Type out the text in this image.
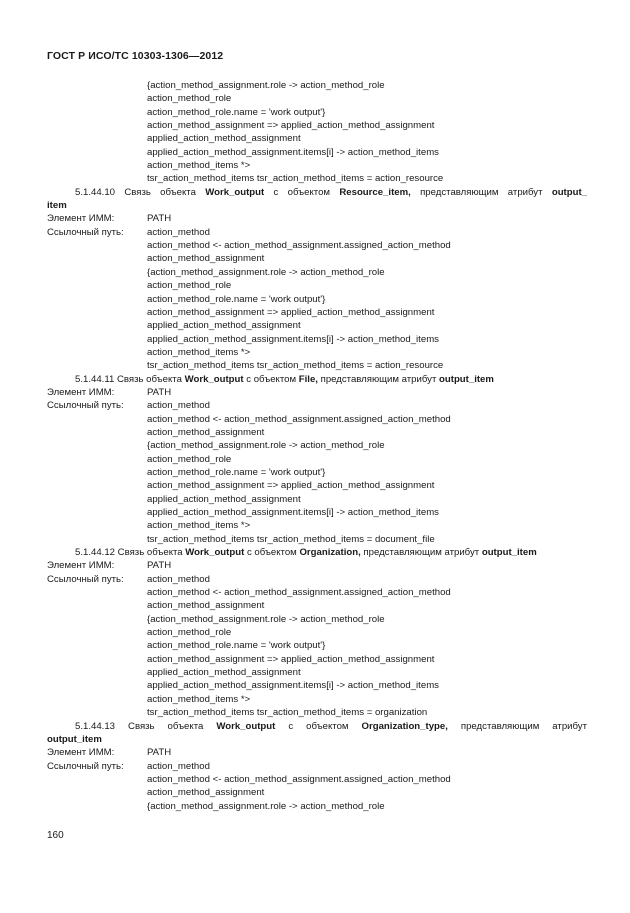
ГОСТ Р ИСО/ТС 10303-1306—2012
{action_method_assignment.role -> action_method_role
action_method_role
action_method_role.name = 'work output'}
action_method_assignment => applied_action_method_assignment
applied_action_method_assignment
applied_action_method_assignment.items[i] -> action_method_items
action_method_items *>
tsr_action_method_items tsr_action_method_items = action_resource
5.1.44.10 Связь объекта Work_output с объектом Resource_item, представляющим атрибут output_
item
Элемент ИММ:	PATH
Ссылочный путь:	action_method
action_method <- action_method_assignment.assigned_action_method
action_method_assignment
{action_method_assignment.role -> action_method_role
action_method_role
action_method_role.name = 'work output'}
action_method_assignment => applied_action_method_assignment
applied_action_method_assignment
applied_action_method_assignment.items[i] -> action_method_items
action_method_items *>
tsr_action_method_items tsr_action_method_items = action_resource
5.1.44.11 Связь объекта Work_output с объектом File, представляющим атрибут output_item
Элемент ИММ:	PATH
Ссылочный путь:	action_method
action_method <- action_method_assignment.assigned_action_method
action_method_assignment
{action_method_assignment.role -> action_method_role
action_method_role
action_method_role.name = 'work output'}
action_method_assignment => applied_action_method_assignment
applied_action_method_assignment
applied_action_method_assignment.items[i] -> action_method_items
action_method_items *>
tsr_action_method_items tsr_action_method_items = document_file
5.1.44.12 Связь объекта Work_output с объектом Organization, представляющим атрибут output_item
Элемент ИММ:	PATH
Ссылочный путь:	action_method
action_method <- action_method_assignment.assigned_action_method
action_method_assignment
{action_method_assignment.role -> action_method_role
action_method_role
action_method_role.name = 'work output'}
action_method_assignment => applied_action_method_assignment
applied_action_method_assignment
applied_action_method_assignment.items[i] -> action_method_items
action_method_items *>
tsr_action_method_items tsr_action_method_items = organization
5.1.44.13 Связь объекта Work_output с объектом Organization_type, представляющим атрибут
output_item
Элемент ИММ:	PATH
Ссылочный путь:	action_method
action_method <- action_method_assignment.assigned_action_method
action_method_assignment
{action_method_assignment.role -> action_method_role
160
